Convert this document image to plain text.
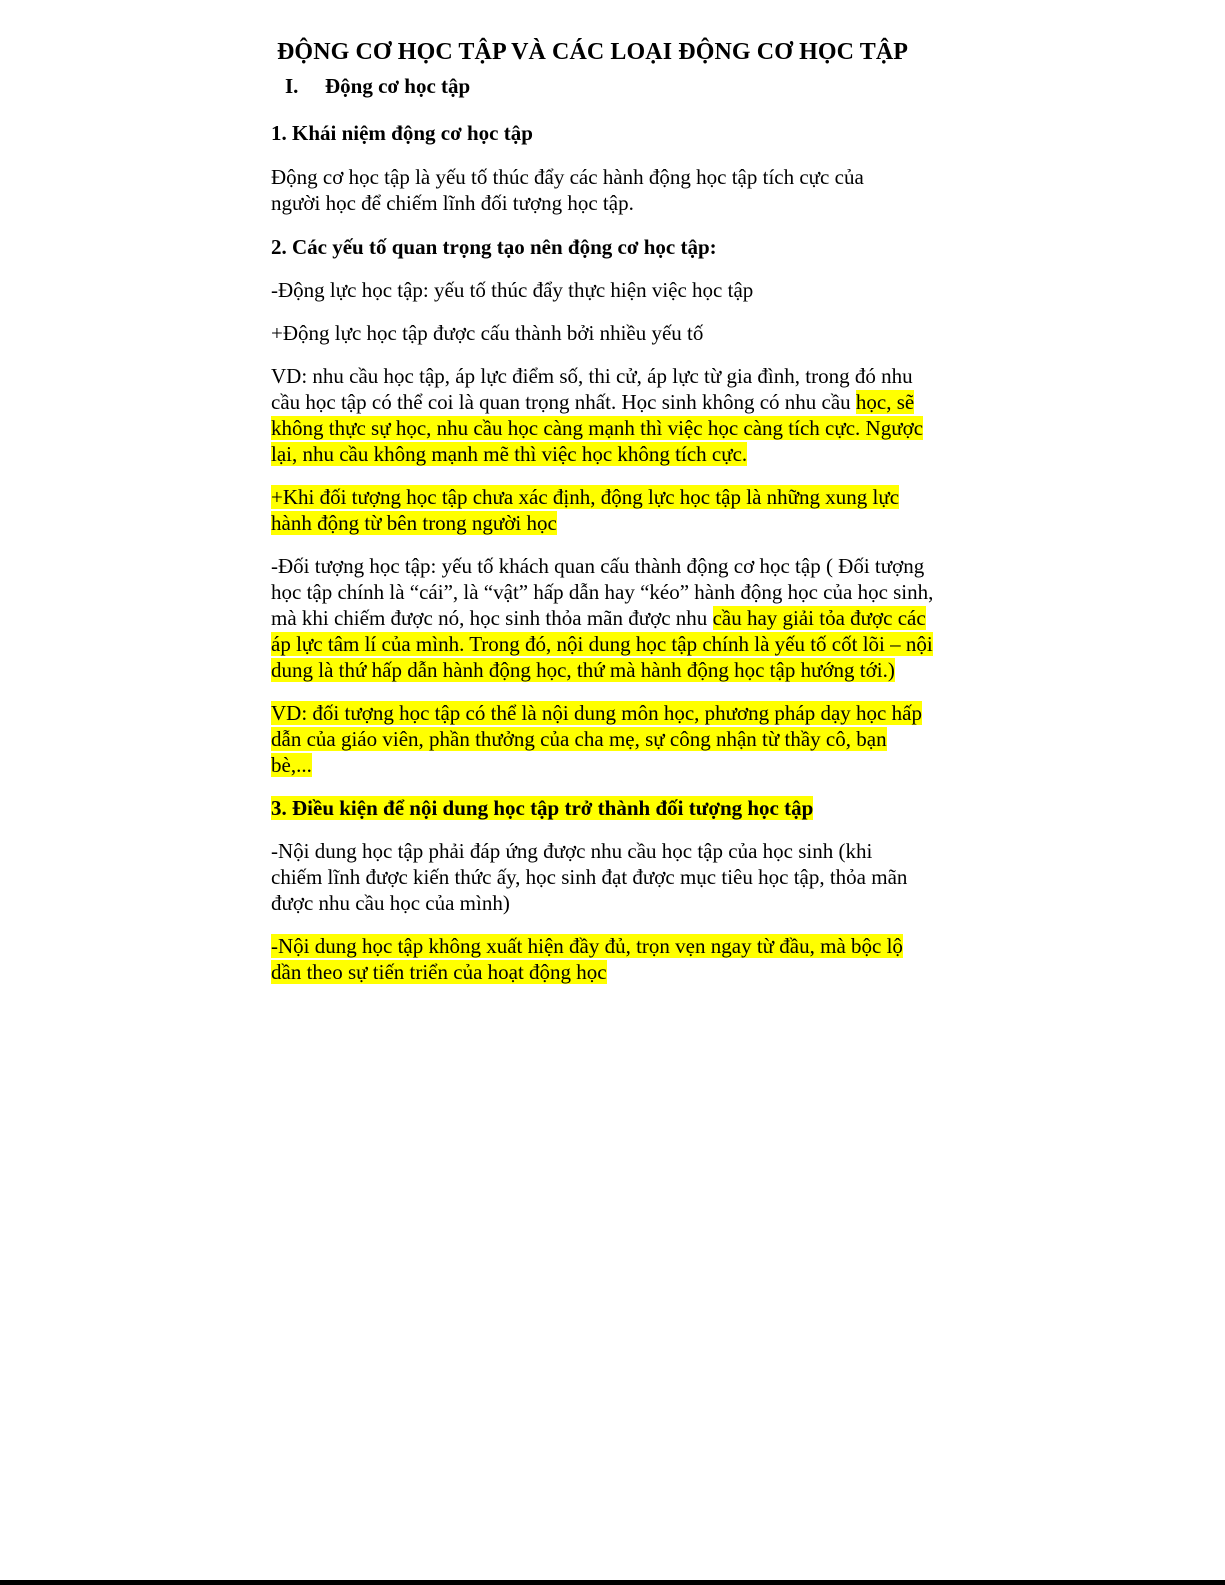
ĐỘNG CƠ HỌC TẬP VÀ CÁC LOẠI ĐỘNG CƠ HỌC TẬP
I. Động cơ học tập
1. Khái niệm động cơ học tập
Động cơ học tập là yếu tố thúc đẩy các hành động học tập tích cực của người học để chiếm lĩnh đối tượng học tập.
2. Các yếu tố quan trọng tạo nên động cơ học tập:
-Động lực học tập: yếu tố thúc đẩy thực hiện việc học tập
+Động lực học tập được cấu thành bởi nhiều yếu tố
VD: nhu cầu học tập, áp lực điểm số, thi cử, áp lực từ gia đình, trong đó nhu cầu học tập có thể coi là quan trọng nhất. Học sinh không có nhu cầu học, sẽ không thực sự học, nhu cầu học càng mạnh thì việc học càng tích cực. Ngược lại, nhu cầu không mạnh mẽ thì việc học không tích cực.
+Khi đối tượng học tập chưa xác định, động lực học tập là những xung lực hành động từ bên trong người học
-Đối tượng học tập: yếu tố khách quan cấu thành động cơ học tập ( Đối tượng học tập chính là “cái”, là “vật” hấp dẫn hay “kéo” hành động học của học sinh, mà khi chiếm được nó, học sinh thỏa mãn được nhu cầu hay giải tỏa được các áp lực tâm lí của mình. Trong đó, nội dung học tập chính là yếu tố cốt lõi – nội dung là thứ hấp dẫn hành động học, thứ mà hành động học tập hướng tới.)
VD: đối tượng học tập có thể là nội dung môn học, phương pháp dạy học hấp dẫn của giáo viên, phần thưởng của cha mẹ, sự công nhận từ thầy cô, bạn bè,...
3. Điều kiện để nội dung học tập trở thành đối tượng học tập
-Nội dung học tập phải đáp ứng được nhu cầu học tập của học sinh (khi chiếm lĩnh được kiến thức ấy, học sinh đạt được mục tiêu học tập, thỏa mãn được nhu cầu học của mình)
-Nội dung học tập không xuất hiện đầy đủ, trọn vẹn ngay từ đầu, mà bộc lộ dần theo sự tiến triển của hoạt động học
